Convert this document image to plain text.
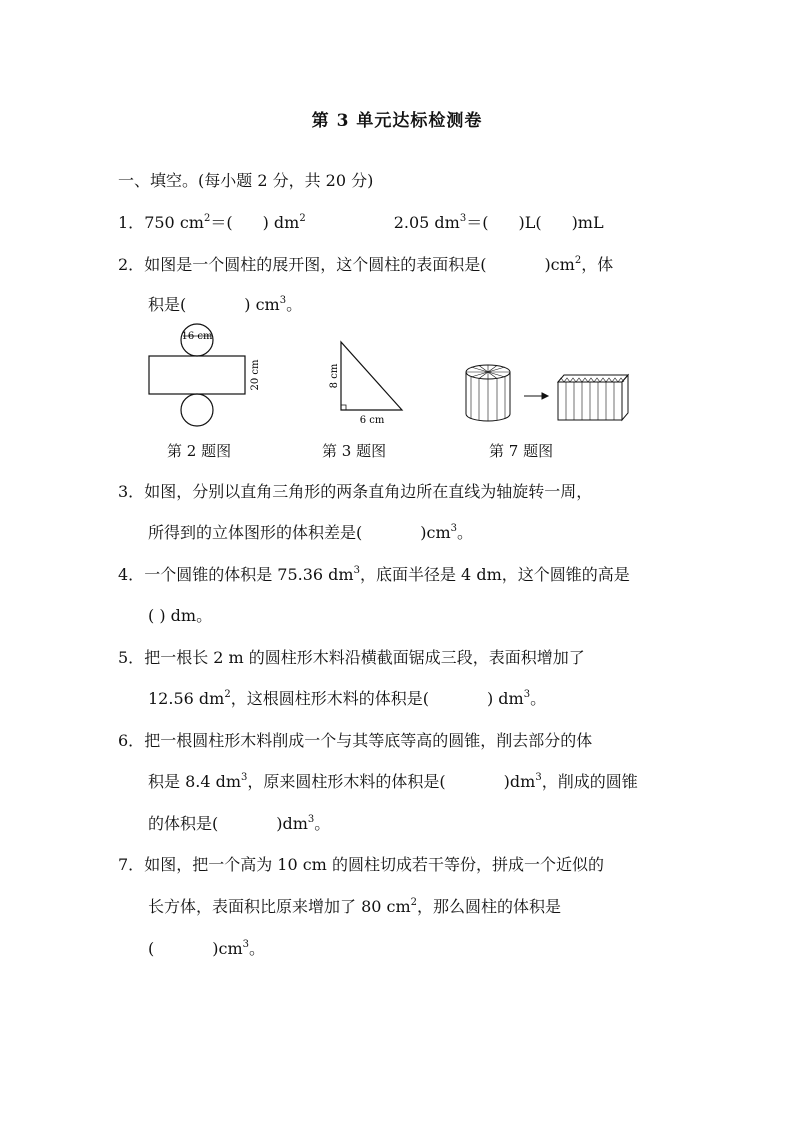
第 3 单元达标检测卷
一、填空。(每小题 2 分，共 20 分)
1．750 $cm^2=$( ) $dm^2$	2.05 $dm^3=$( )L( )mL
2．如图是一个圆柱的展开图，这个圆柱的表面积是(	)$cm^2$，体
积是(	) $cm^3$。
16 cm
20 cm	8 cm
6 cm
第 2 题图	第 3 题图	第 7 题图
3．如图，分别以直角三角形的两条直角边所在直线为轴旋转一周，
所得到的立体图形的体积差是(	)$cm^3$。
4．一个圆锥的体积是 75.36 $dm^3$，底面半径是 4 dm，这个圆锥的高是
( ) dm。
5．把一根长 2 m 的圆柱形木料沿横截面锯成三段，表面积增加了
12.56 $dm^2$，这根圆柱形木料的体积是(	) $dm^3$。
6．把一根圆柱形木料削成一个与其等底等高的圆锥，削去部分的体
积是 8.4 $dm^3$，原来圆柱形木料的体积是(	)$dm^3$，削成的圆锥
的体积是(	)$dm^3$。
7．如图，把一个高为 10 cm 的圆柱切成若干等份，拼成一个近似的
长方体，表面积比原来增加了 80 $cm^2$，那么圆柱的体积是
(	)$cm^3$。
